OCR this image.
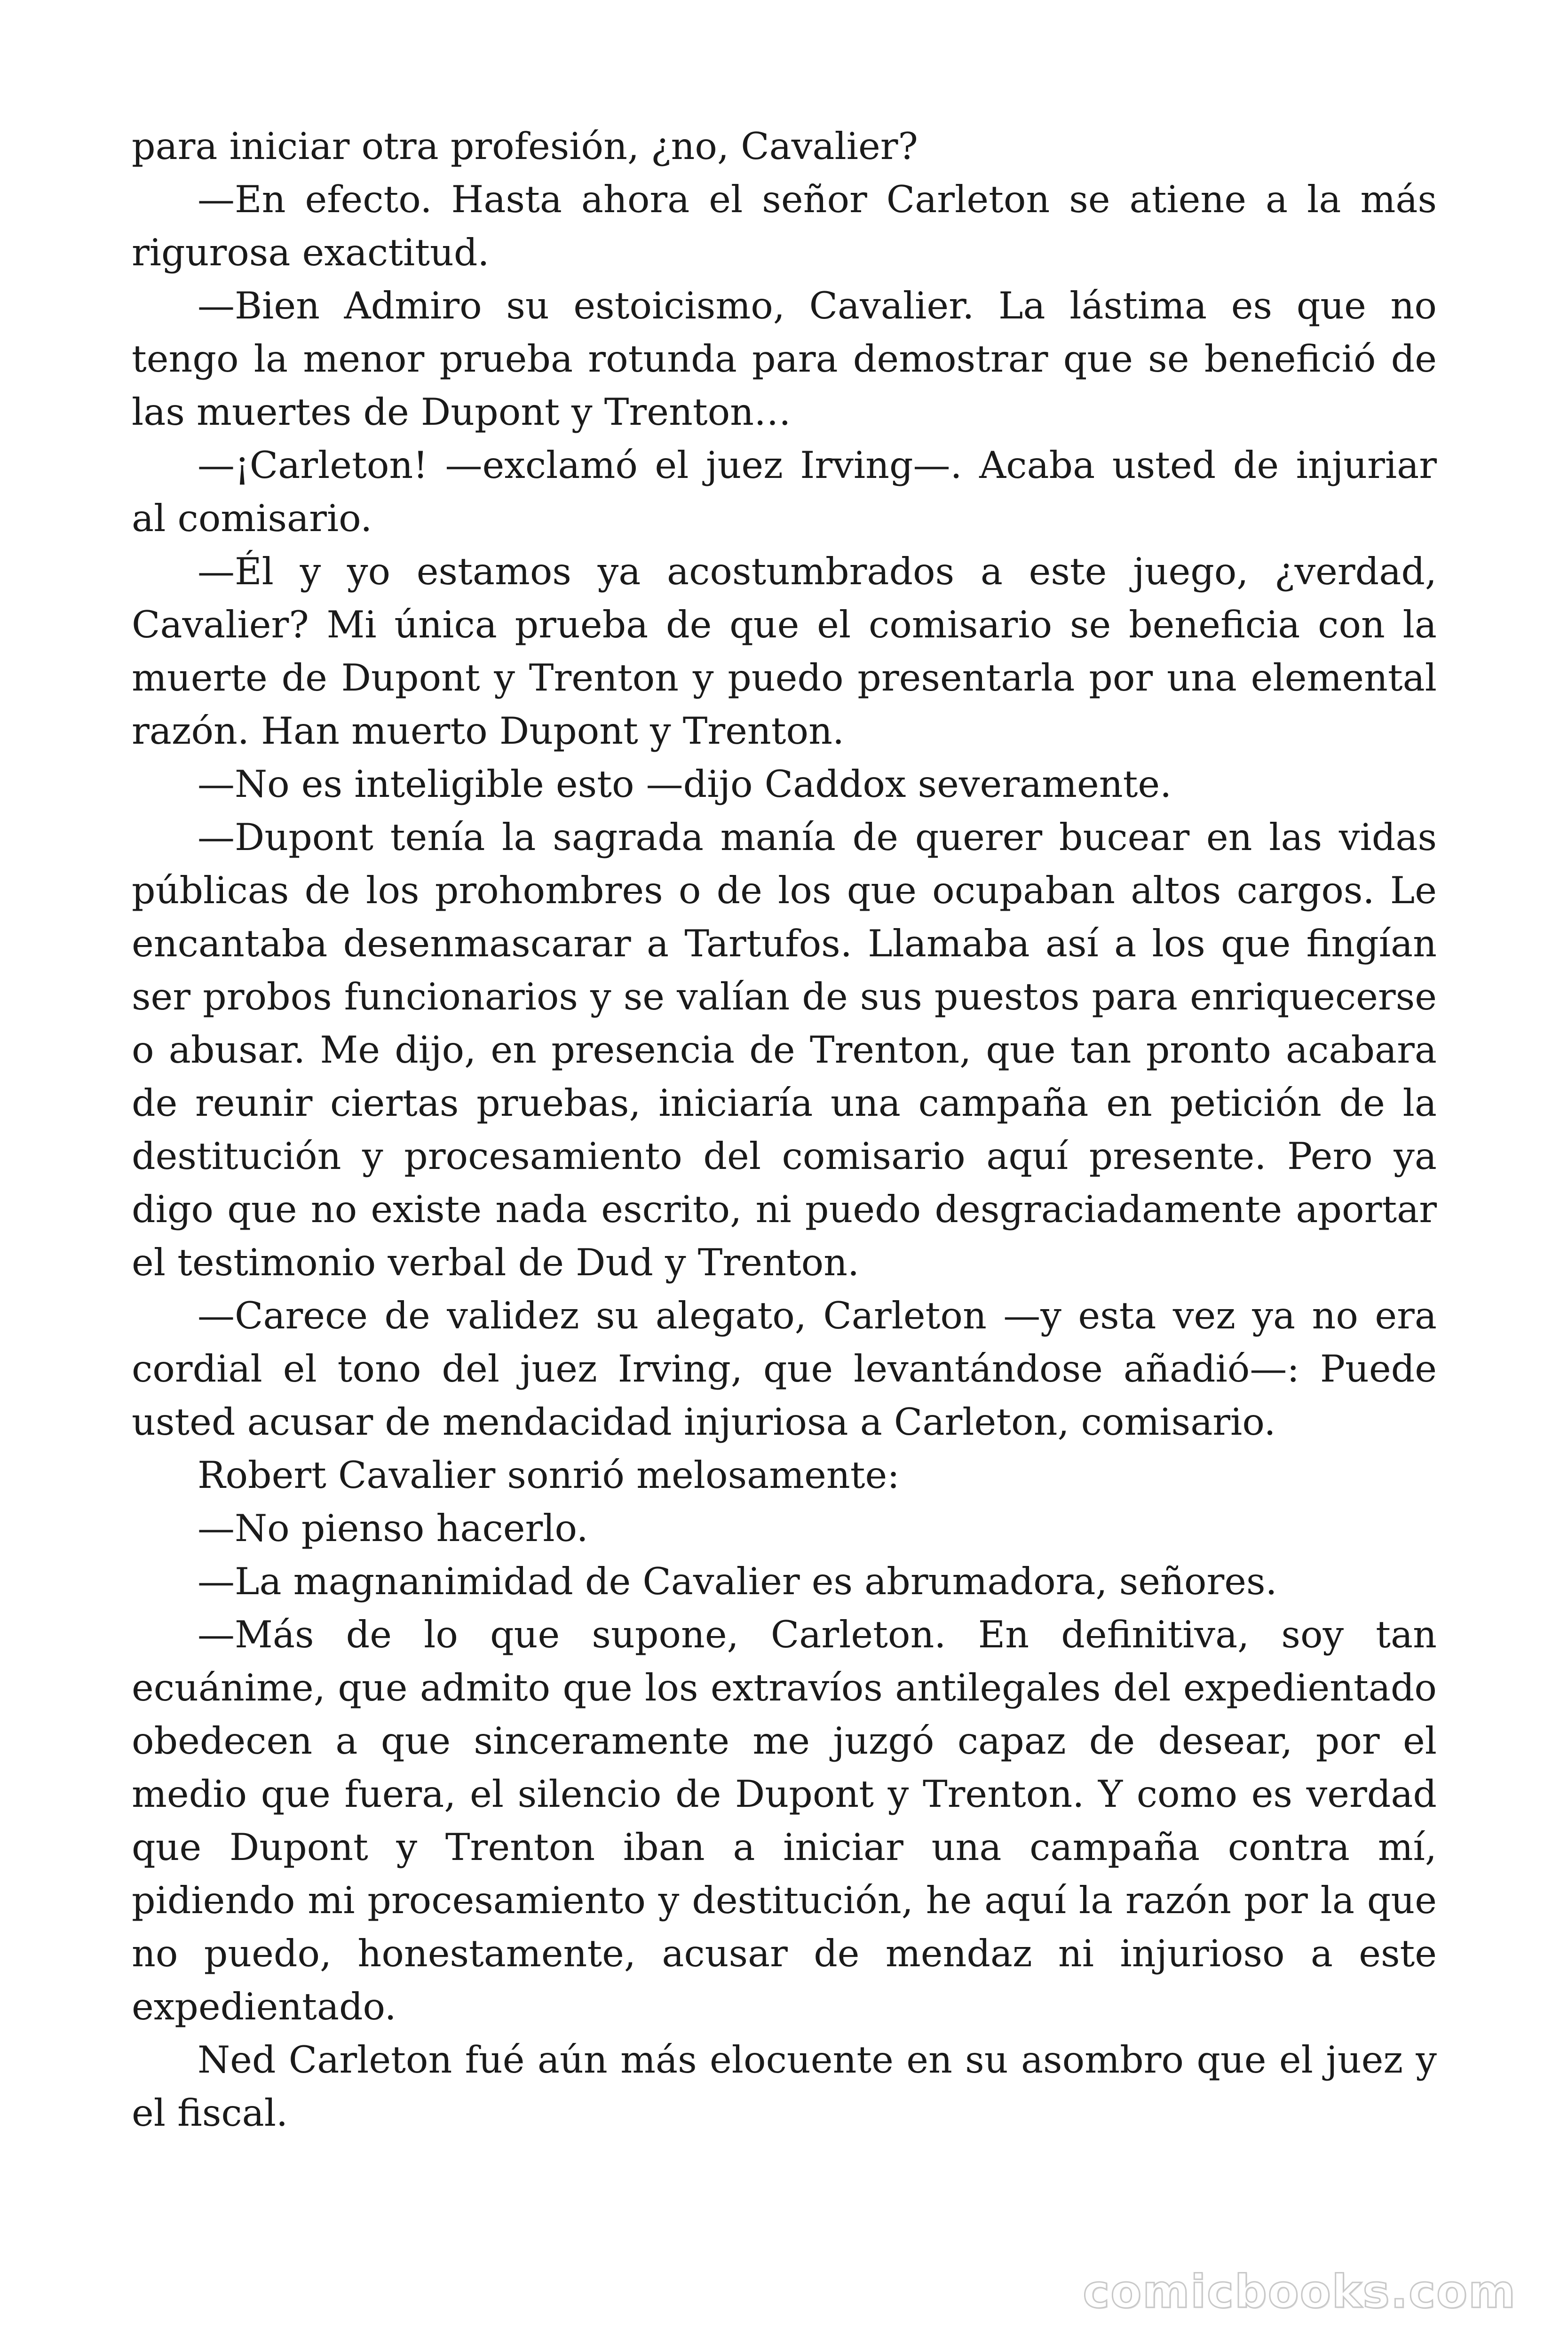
para iniciar otra profesión, ¿no, Cavalier?

—En efecto. Hasta ahora el señor Carleton se atiene a la más rigurosa exactitud.

—Bien Admiro su estoicismo, Cavalier. La lástima es que no tengo la menor prueba rotunda para demostrar que se benefició de las muertes de Dupont y Trenton…

—¡Carleton! —exclamó el juez Irving—. Acaba usted de injuriar al comisario.

—Él y yo estamos ya acostumbrados a este juego, ¿verdad, Cavalier? Mi única prueba de que el comisario se beneficia con la muerte de Dupont y Trenton y puedo presentarla por una elemental razón. Han muerto Dupont y Trenton.

—No es inteligible esto —dijo Caddox severamente.

—Dupont tenía la sagrada manía de querer bucear en las vidas públicas de los prohombres o de los que ocupaban altos cargos. Le encantaba desenmascarar a Tartufos. Llamaba así a los que fingían ser probos funcionarios y se valían de sus puestos para enriquecerse o abusar. Me dijo, en presencia de Trenton, que tan pronto acabara de reunir ciertas pruebas, iniciaría una campaña en petición de la destitución y procesamiento del comisario aquí presente. Pero ya digo que no existe nada escrito, ni puedo desgraciadamente aportar el testimonio verbal de Dud y Trenton.

—Carece de validez su alegato, Carleton —y esta vez ya no era cordial el tono del juez Irving, que levantándose añadió—: Puede usted acusar de mendacidad injuriosa a Carleton, comisario.

Robert Cavalier sonrió melosamente:

—No pienso hacerlo.

—La magnanimidad de Cavalier es abrumadora, señores.

—Más de lo que supone, Carleton. En definitiva, soy tan ecuánime, que admito que los extravíos antilegales del expedientado obedecen a que sinceramente me juzgó capaz de desear, por el medio que fuera, el silencio de Dupont y Trenton. Y como es verdad que Dupont y Trenton iban a iniciar una campaña contra mí, pidiendo mi procesamiento y destitución, he aquí la razón por la que no puedo, honestamente, acusar de mendaz ni injurioso a este expedientado.

Ned Carleton fué aún más elocuente en su asombro que el juez y el fiscal.

comicbooks.com
